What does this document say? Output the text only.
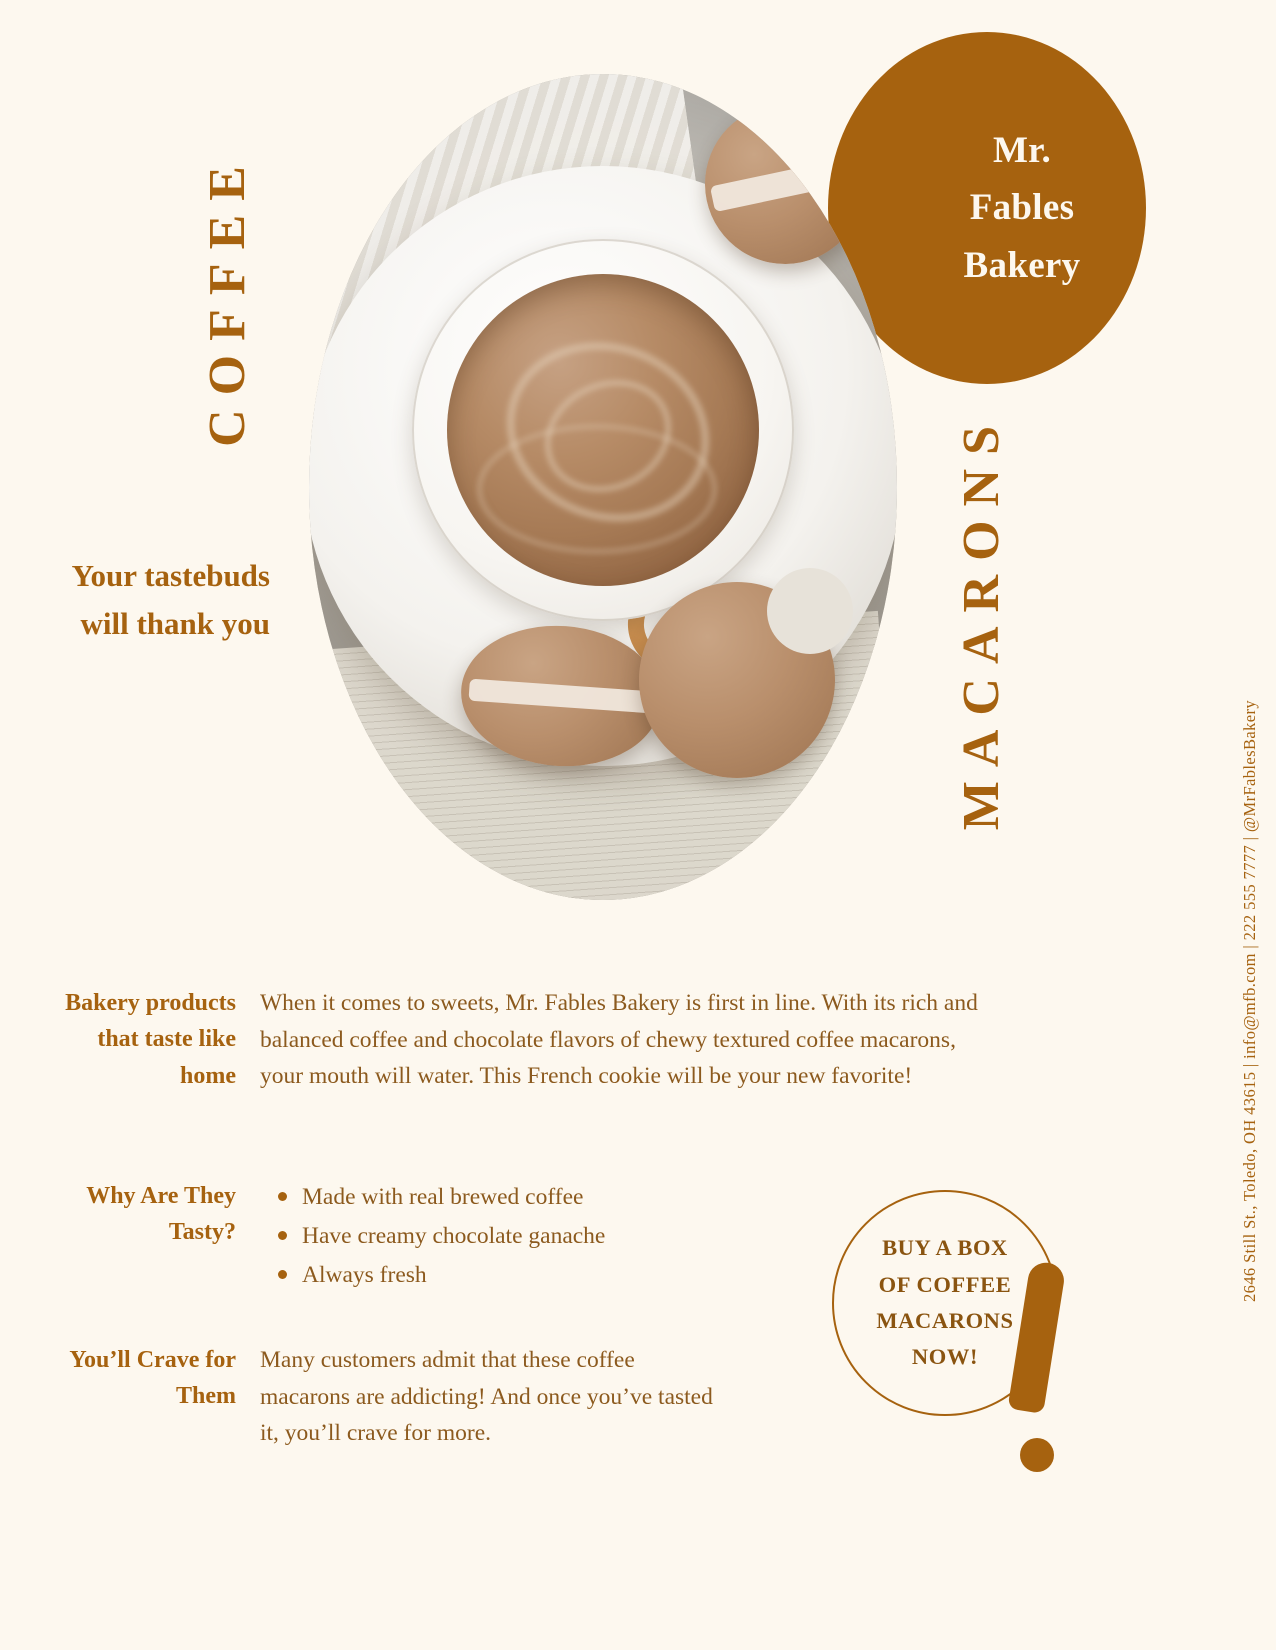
Mr.
Fables
Bakery
COFFEE
MACARONS
Your tastebuds will thank you
2646 Still St., Toledo, OH 43615 | info@mfb.com | 222 555 7777 | @MrFablesBakery
Bakery products that taste like home
When it comes to sweets, Mr. Fables Bakery is first in line. With its rich and balanced coffee and chocolate flavors of chewy textured coffee macarons, your mouth will water. This French cookie will be your new favorite!
Why Are They Tasty?
Made with real brewed coffee
Have creamy chocolate ganache
Always fresh
You’ll Crave for Them
Many customers admit that these coffee macarons are addicting! And once you’ve tasted it, you’ll crave for more.
BUY A BOX
OF COFFEE
MACARONS
NOW!
